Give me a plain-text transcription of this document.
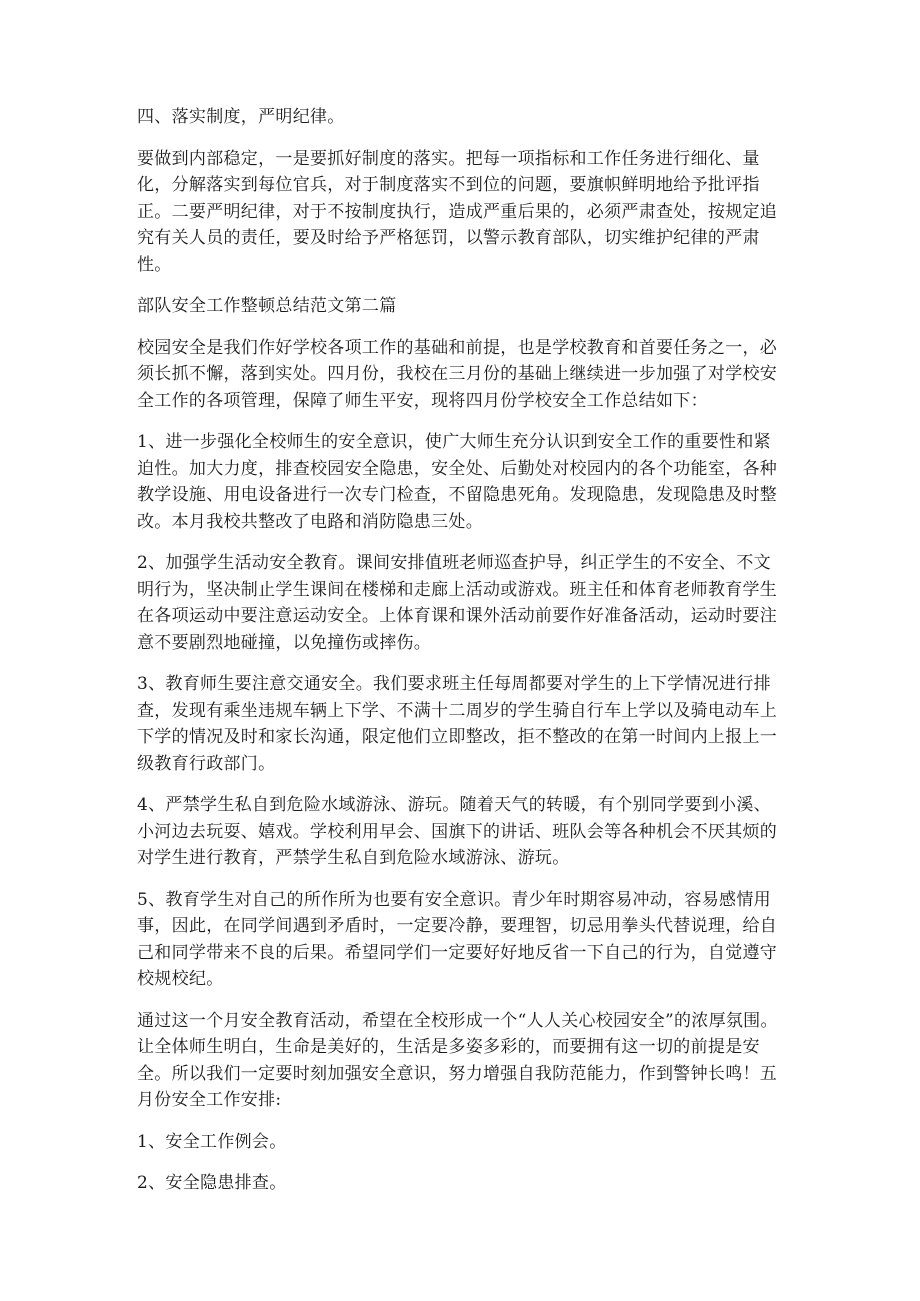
四、落实制度，严明纪律。

要做到内部稳定，一是要抓好制度的落实。把每一项指标和工作任务进行细化、量化，分解落实到每位官兵，对于制度落实不到位的问题，要旗帜鲜明地给予批评指正。二要严明纪律，对于不按制度执行，造成严重后果的，必须严肃查处，按规定追究有关人员的责任，要及时给予严格惩罚，以警示教育部队，切实维护纪律的严肃性。

部队安全工作整顿总结范文第二篇

校园安全是我们作好学校各项工作的基础和前提，也是学校教育和首要任务之一，必须长抓不懈，落到实处。四月份，我校在三月份的基础上继续进一步加强了对学校安全工作的各项管理，保障了师生平安，现将四月份学校安全工作总结如下：

1、进一步强化全校师生的安全意识，使广大师生充分认识到安全工作的重要性和紧迫性。加大力度，排查校园安全隐患，安全处、后勤处对校园内的各个功能室，各种教学设施、用电设备进行一次专门检查，不留隐患死角。发现隐患，发现隐患及时整改。本月我校共整改了电路和消防隐患三处。

2、加强学生活动安全教育。课间安排值班老师巡查护导，纠正学生的不安全、不文明行为，坚决制止学生课间在楼梯和走廊上活动或游戏。班主任和体育老师教育学生在各项运动中要注意运动安全。上体育课和课外活动前要作好准备活动，运动时要注意不要剧烈地碰撞，以免撞伤或摔伤。

3、教育师生要注意交通安全。我们要求班主任每周都要对学生的上下学情况进行排查，发现有乘坐违规车辆上下学、不满十二周岁的学生骑自行车上学以及骑电动车上下学的情况及时和家长沟通，限定他们立即整改，拒不整改的在第一时间内上报上一级教育行政部门。

4、严禁学生私自到危险水域游泳、游玩。随着天气的转暖，有个别同学要到小溪、小河边去玩耍、嬉戏。学校利用早会、国旗下的讲话、班队会等各种机会不厌其烦的对学生进行教育，严禁学生私自到危险水域游泳、游玩。

5、教育学生对自己的所作所为也要有安全意识。青少年时期容易冲动，容易感情用事，因此，在同学间遇到矛盾时，一定要冷静，要理智，切忌用拳头代替说理，给自己和同学带来不良的后果。希望同学们一定要好好地反省一下自己的行为，自觉遵守校规校纪。

通过这一个月安全教育活动，希望在全校形成一个“人人关心校园安全”的浓厚氛围。让全体师生明白，生命是美好的，生活是多姿多彩的，而要拥有这一切的前提是安全。所以我们一定要时刻加强安全意识，努力增强自我防范能力，作到警钟长鸣！五月份安全工作安排:

1、安全工作例会。

2、安全隐患排查。
